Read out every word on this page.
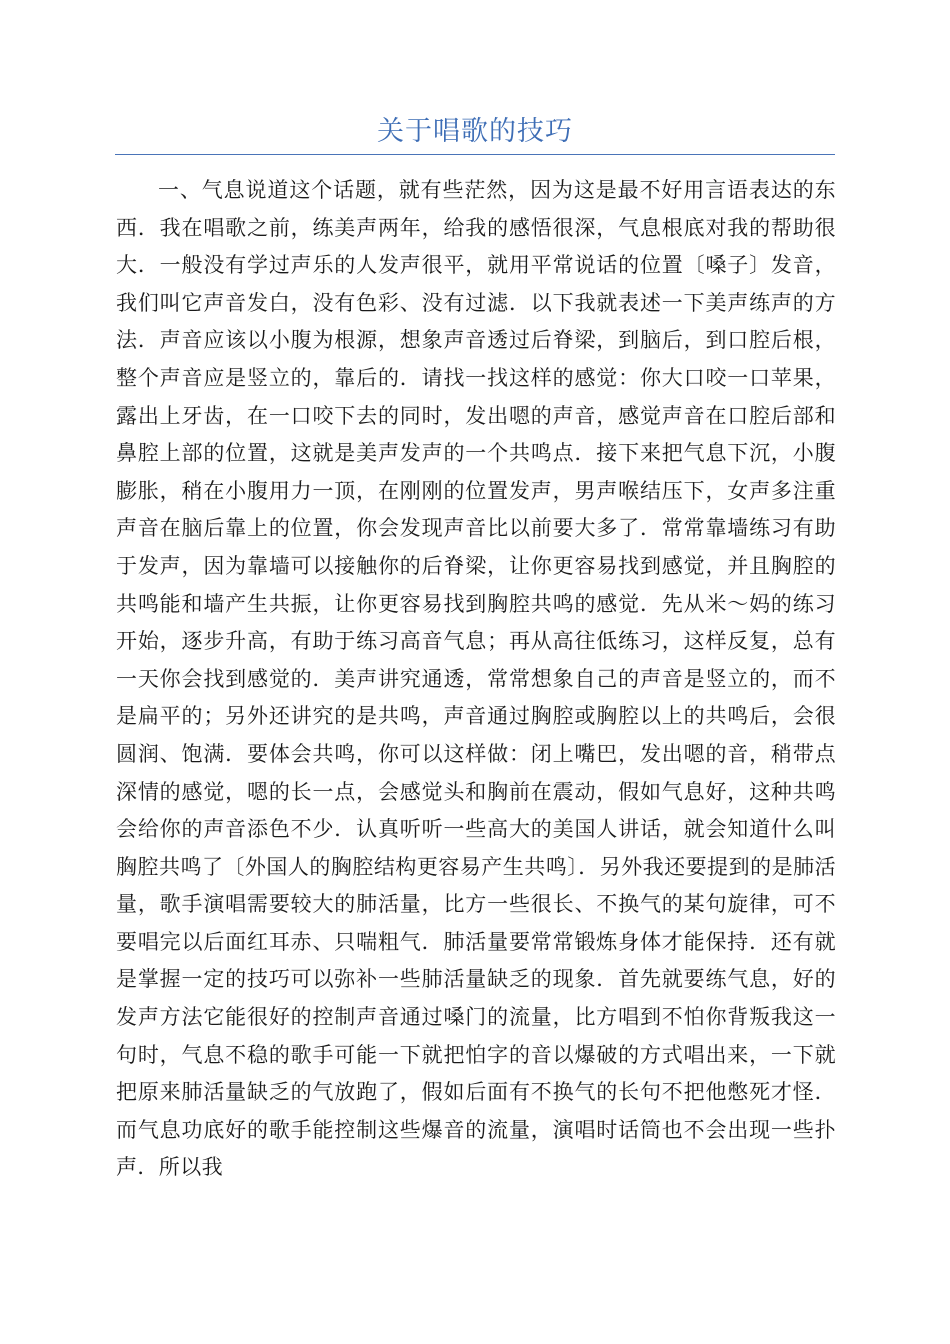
关于唱歌的技巧

一、气息说道这个话题，就有些茫然，因为这是最不好用言语表达的东西．我在唱歌之前，练美声两年，给我的感悟很深，气息根底对我的帮助很大．一般没有学过声乐的人发声很平，就用平常说话的位置〔嗓子〕发音，我们叫它声音发白，没有色彩、没有过滤．以下我就表述一下美声练声的方法．声音应该以小腹为根源，想象声音透过后脊梁，到脑后，到口腔后根，整个声音应是竖立的，靠后的．请找一找这样的感觉：你大口咬一口苹果，露出上牙齿，在一口咬下去的同时，发出嗯的声音，感觉声音在口腔后部和鼻腔上部的位置，这就是美声发声的一个共鸣点．接下来把气息下沉，小腹膨胀，稍在小腹用力一顶，在刚刚的位置发声，男声喉结压下，女声多注重声音在脑后靠上的位置，你会发现声音比以前要大多了．常常靠墙练习有助于发声，因为靠墙可以接触你的后脊梁，让你更容易找到感觉，并且胸腔的共鸣能和墙产生共振，让你更容易找到胸腔共鸣的感觉．先从米～妈的练习开始，逐步升高，有助于练习高音气息；再从高往低练习，这样反复，总有一天你会找到感觉的．美声讲究通透，常常想象自己的声音是竖立的，而不是扁平的；另外还讲究的是共鸣，声音通过胸腔或胸腔以上的共鸣后，会很圆润、饱满．要体会共鸣，你可以这样做：闭上嘴巴，发出嗯的音，稍带点深情的感觉，嗯的长一点，会感觉头和胸前在震动，假如气息好，这种共鸣会给你的声音添色不少．认真听听一些高大的美国人讲话，就会知道什么叫胸腔共鸣了〔外国人的胸腔结构更容易产生共鸣〕．另外我还要提到的是肺活量，歌手演唱需要较大的肺活量，比方一些很长、不换气的某句旋律，可不要唱完以后面红耳赤、只喘粗气．肺活量要常常锻炼身体才能保持．还有就是掌握一定的技巧可以弥补一些肺活量缺乏的现象．首先就要练气息，好的发声方法它能很好的控制声音通过嗓门的流量，比方唱到不怕你背叛我这一句时，气息不稳的歌手可能一下就把怕字的音以爆破的方式唱出来，一下就把原来肺活量缺乏的气放跑了，假如后面有不换气的长句不把他憋死才怪．而气息功底好的歌手能控制这些爆音的流量，演唱时话筒也不会出现一些扑声．所以我
